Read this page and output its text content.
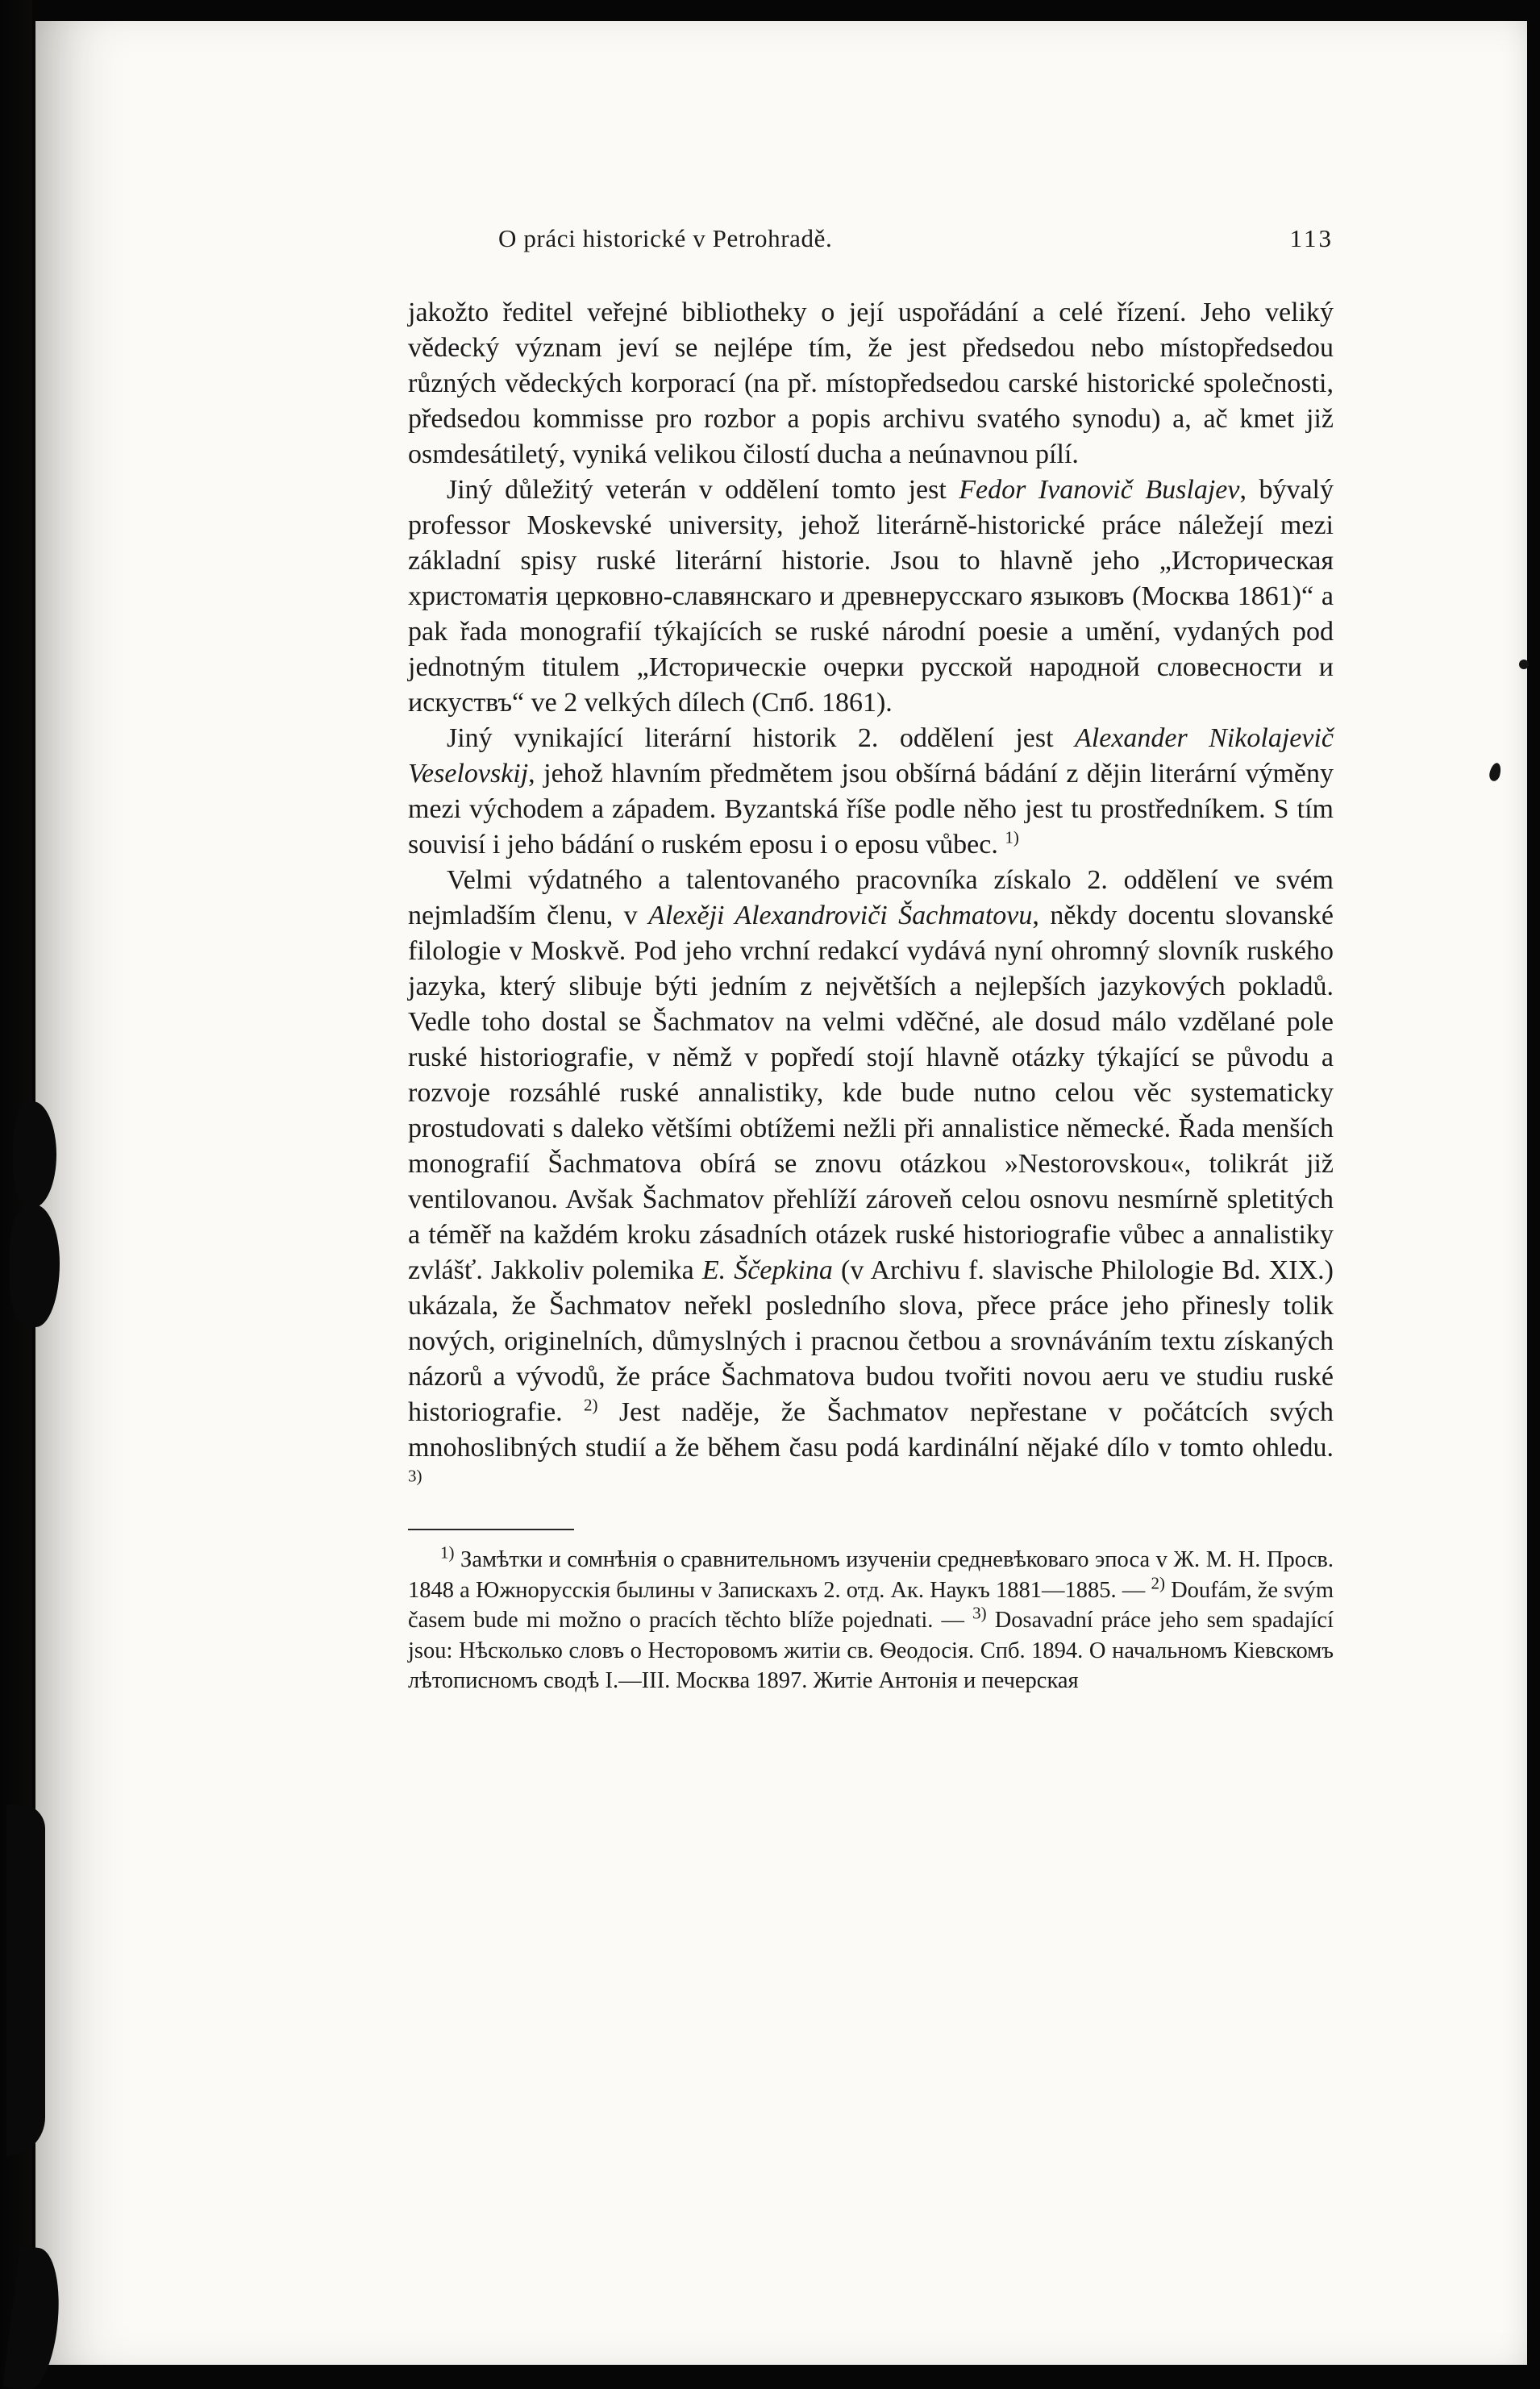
O práci historické v Petrohradě.	113

jakožto ředitel veřejné bibliotheky o její uspořádání a celé řízení. Jeho veliký vědecký význam jeví se nejlépe tím, že jest předsedou nebo místopředsedou různých vědeckých korporací (na př. místopředsedou carské historické společnosti, předsedou kommisse pro rozbor a popis archivu svatého synodu) a, ač kmet již osmdesátiletý, vyniká velikou čilostí ducha a neúnavnou pílí.

Jiný důležitý veterán v oddělení tomto jest Fedor Ivanovič Buslajev, bývalý professor Moskevské university, jehož literárně-historické práce náležejí mezi základní spisy ruské literární historie. Jsou to hlavně jeho „Историческая христоматія церковно-славянскаго и древнерусскаго языковъ (Москва 1861)“ a pak řada monografií týkajících se ruské národní poesie a umění, vydaných pod jednotným titulem „Историческіе очерки русской народной словесности и искуствъ“ ve 2 velkých dílech (Спб. 1861).

Jiný vynikající literární historik 2. oddělení jest Alexander Nikolajevič Veselovskij, jehož hlavním předmětem jsou obšírná bádání z dějin literární výměny mezi východem a západem. Byzantská říše podle něho jest tu prostředníkem. S tím souvisí i jeho bádání o ruském eposu i o eposu vůbec. $^{1)}$

Velmi výdatného a talentovaného pracovníka získalo 2. oddělení ve svém nejmladším členu, v Alexěji Alexandroviči Šachmatovu, někdy docentu slovanské filologie v Moskvě. Pod jeho vrchní redakcí vydává nyní ohromný slovník ruského jazyka, který slibuje býti jedním z největších a nejlepších jazykových pokladů. Vedle toho dostal se Šachmatov na velmi vděčné, ale dosud málo vzdělané pole ruské historiografie, v němž v popředí stojí hlavně otázky týkající se původu a rozvoje rozsáhlé ruské annalistiky, kde bude nutno celou věc systematicky prostudovati s daleko většími obtížemi nežli při annalistice německé. Řada menších monografií Šachmatova obírá se znovu otázkou »Nestorovskou«, tolikrát již ventilovanou. Avšak Šachmatov přehlíží zároveň celou osnovu nesmírně spletitých a téměř na každém kroku zásadních otázek ruské historiografie vůbec a annalistiky zvlášť. Jakkoliv polemika E. Ščepkina (v Archivu f. slavische Philologie Bd. XIX.) ukázala, že Šachmatov neřekl posledního slova, přece práce jeho přinesly tolik nových, originelních, důmyslných i pracnou četbou a srovnáváním textu získaných názorů a vývodů, že práce Šachmatova budou tvořiti novou aeru ve studiu ruské historiografie. $^{2)}$ Jest naděje, že Šachmatov nepřestane v počátcích svých mnohoslibných studií a že během času podá kardinální nějaké dílo v tomto ohledu. $^{3)}$

$^{1)}$ Замѣтки и сомнѣнія о сравнительномъ изученіи средневѣковаго эпоса v Ж. М. Н. Просв. 1848 a Южнорусскія былины v Запискахъ 2. отд. Ак. Наукъ 1881—1885. — $^{2)}$ Doufám, že svým časem bude mi možno o pracích těchto blíže pojednati. — $^{3)}$ Dosavadní práce jeho sem spadající jsou: Нѣсколько словъ о Несторовомъ житіи св. Ѳеодосія. Спб. 1894. О начальномъ Кіевскомъ лѣтописномъ сводѣ I.—III. Москва 1897. Житіе Антонія и печерская
